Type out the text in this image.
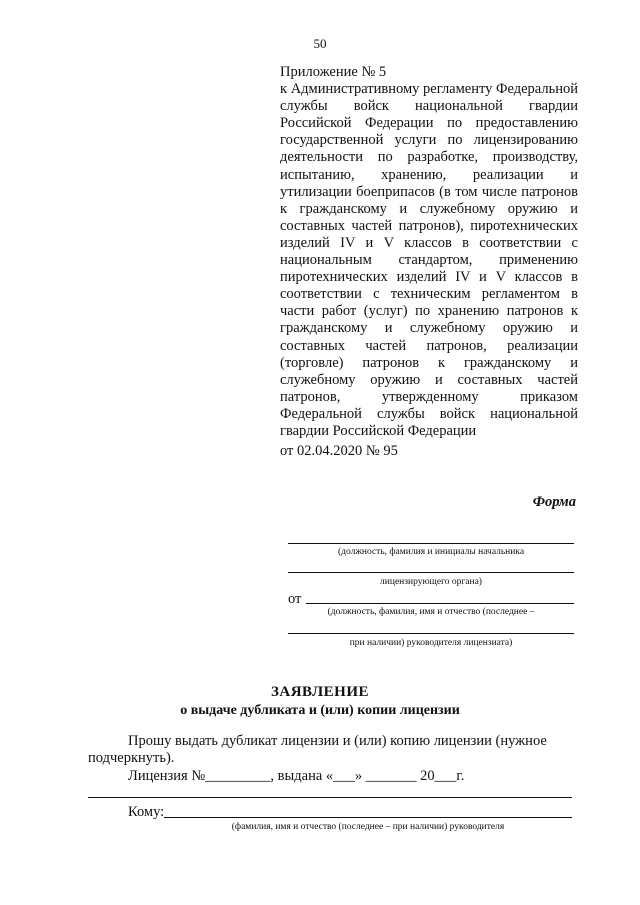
50
Приложение № 5
к Административному регламенту Федеральной службы войск национальной гвардии Российской Федерации по предоставлению государственной услуги по лицензированию деятельности по разработке, производству, испытанию, хранению, реализации и утилизации боеприпасов (в том числе патронов к гражданскому и служебному оружию и составных частей патронов), пиротехнических изделий IV и V классов в соответствии с национальным стандартом, применению пиротехнических изделий IV и V классов в соответствии с техническим регламентом в части работ (услуг) по хранению патронов к гражданскому и служебному оружию и составных частей патронов, реализации (торговле) патронов к гражданскому и служебному оружию и составных частей патронов, утвержденному приказом Федеральной службы войск национальной гвардии Российской Федерации
от 02.04.2020 № 95
Форма
(должность, фамилия и инициалы начальника
лицензирующего органа)
от
(должность, фамилия, имя и отчество (последнее –
при наличии) руководителя лицензиата)
ЗАЯВЛЕНИЕ
о выдаче дубликата и (или) копии лицензии
Прошу выдать дубликат лицензии и (или) копию лицензии (нужное
подчеркнуть).
Лицензия №_________, выдана «___» _______ 20___г.
Кому:
(фамилия, имя и отчество (последнее – при наличии) руководителя
